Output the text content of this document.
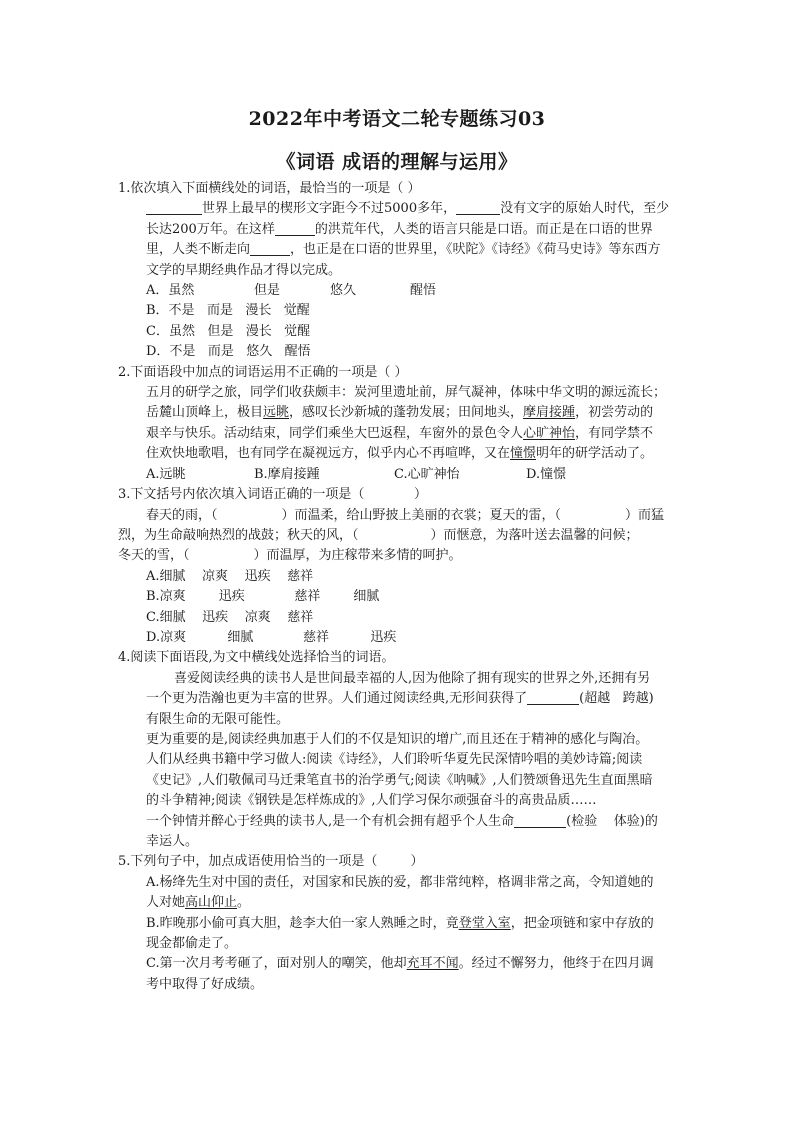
2022年中考语文二轮专题练习03
《词语 成语的理解与运用》

1.依次填入下面横线处的词语，最恰当的一项是（ ）

世界上最早的楔形文字距今不过5000多年，	没有文字的原始人时代，至少

长达200万年。在这样	的洪荒年代，人类的语言只能是口语。而正是在口语的世界

里，人类不断走向	，也正是在口语的世界里，《吠陀》《诗经》《荷马史诗》等东西方

文学的早期经典作品才得以完成。

A．虽然	但是	悠久	醒悟

B．不是   而是   漫长   觉醒

C．虽然   但是   漫长   觉醒

D．不是   而是   悠久   醒悟

2.下面语段中加点的词语运用不正确的一项是（ ）

五月的研学之旅，同学们收获颇丰：炭河里遗址前，屏气凝神，体味中华文明的源远流长；

岳麓山顶峰上，极目远眺，感叹长沙新城的蓬勃发展；田间地头，摩肩接踵，初尝劳动的

艰辛与快乐。活动结束，同学们乘坐大巴返程，车窗外的景色令人心旷神怡，有同学禁不

住欢快地歌唱，也有同学在凝视远方，似乎内心不再喧哗，又在憧憬明年的研学活动了。

A.远眺	B.摩肩接踵	C.心旷神怡	D.憧憬

3.下文括号内依次填入词语正确的一项是（            ）

春天的雨，（	）而温柔，给山野披上美丽的衣裳；夏天的雷，（	）而猛

烈，为生命敲响热烈的战鼓；秋天的风，（	）而惬意，为落叶送去温馨的问候；

冬天的雪，（	）而温厚，为庄稼带来多情的呵护。

A.细腻    凉爽    迅疾    慈祥

B.凉爽        迅疾            慈祥        细腻

C.细腻    迅疾    凉爽    慈祥

D.凉爽          细腻            慈祥          迅疾

4.阅读下面语段,为文中横线处选择恰当的词语。

喜爱阅读经典的读书人是世间最幸福的人,因为他除了拥有现实的世界之外,还拥有另

一个更为浩瀚也更为丰富的世界。人们通过阅读经典,无形间获得了	(超越   跨越)

有限生命的无限可能性。

更为重要的是,阅读经典加惠于人们的不仅是知识的增广,而且还在于精神的感化与陶冶。

人们从经典书籍中学习做人:阅读《诗经》，人们聆听华夏先民深情吟唱的美妙诗篇;阅读

《史记》,人们敬佩司马迁秉笔直书的治学勇气;阅读《呐喊》,人们赞颂鲁迅先生直面黑暗

的斗争精神;阅读《钢铁是怎样炼成的》,人们学习保尔顽强奋斗的高贵品质……

一个钟情并醉心于经典的读书人,是一个有机会拥有超乎个人生命	(检验    体验)的

幸运人。

5.下列句子中，加点成语使用恰当的一项是（        ）

A.杨绛先生对中国的责任，对国家和民族的爱，都非常纯粹，格调非常之高，令知道她的

人对她高山仰止。

B.昨晚那小偷可真大胆，趁李大伯一家人熟睡之时，竟登堂入室，把金项链和家中存放的

现金都偷走了。

C.第一次月考考砸了，面对别人的嘲笑，他却充耳不闻。经过不懈努力，他终于在四月调

考中取得了好成绩。
